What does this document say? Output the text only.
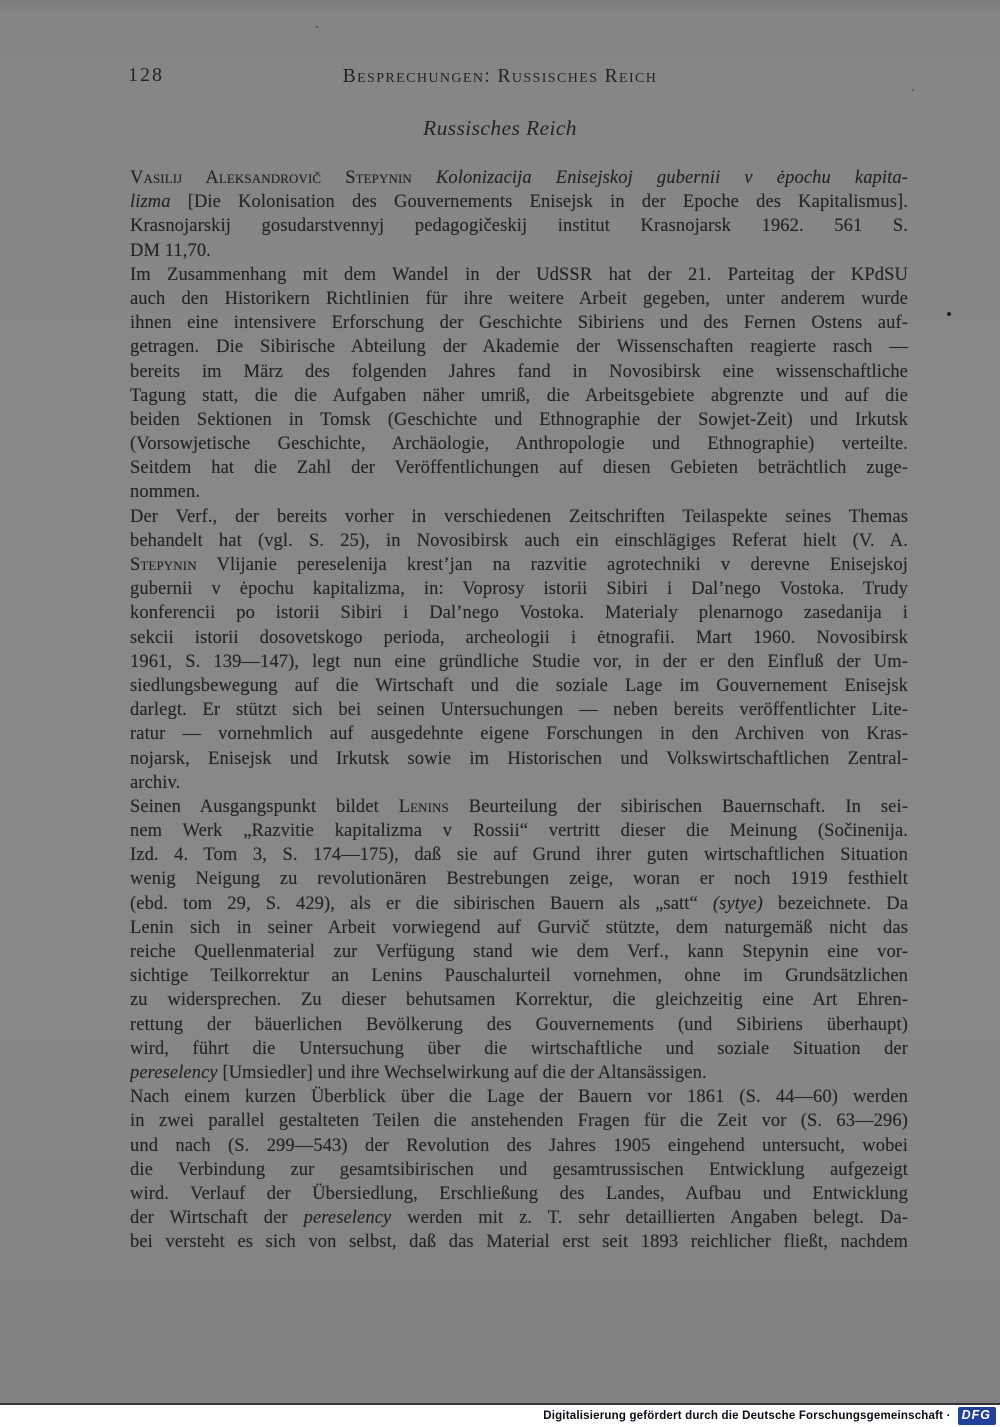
128	Besprechungen: Russisches Reich
Russisches Reich
Vasilij Aleksandrovič Stepynin Kolonizacija Enisejskoj gubernii v ėpochu kapita-
lizma [Die Kolonisation des Gouvernements Enisejsk in der Epoche des Kapitalismus].
Krasnojarskij gosudarstvennyj pedagogičeskij institut Krasnojarsk 1962. 561 S.
DM 11,70.
Im Zusammenhang mit dem Wandel in der UdSSR hat der 21. Parteitag der KPdSU
auch den Historikern Richtlinien für ihre weitere Arbeit gegeben, unter anderem wurde
ihnen eine intensivere Erforschung der Geschichte Sibiriens und des Fernen Ostens auf-
getragen. Die Sibirische Abteilung der Akademie der Wissenschaften reagierte rasch —
bereits im März des folgenden Jahres fand in Novosibirsk eine wissenschaftliche
Tagung statt, die die Aufgaben näher umriß, die Arbeitsgebiete abgrenzte und auf die
beiden Sektionen in Tomsk (Geschichte und Ethnographie der Sowjet-Zeit) und Irkutsk
(Vorsowjetische Geschichte, Archäologie, Anthropologie und Ethnographie) verteilte.
Seitdem hat die Zahl der Veröffentlichungen auf diesen Gebieten beträchtlich zuge-
nommen.
Der Verf., der bereits vorher in verschiedenen Zeitschriften Teilaspekte seines Themas
behandelt hat (vgl. S. 25), in Novosibirsk auch ein einschlägiges Referat hielt (V. A.
Stepynin Vlijanie pereselenija krest’jan na razvitie agrotechniki v derevne Enisejskoj
gubernii v ėpochu kapitalizma, in: Voprosy istorii Sibiri i Dal’nego Vostoka. Trudy
konferencii po istorii Sibiri i Dal’nego Vostoka. Materialy plenarnogo zasedanija i
sekcii istorii dosovetskogo perioda, archeologii i ėtnografii. Mart 1960. Novosibirsk
1961, S. 139—147), legt nun eine gründliche Studie vor, in der er den Einfluß der Um-
siedlungsbewegung auf die Wirtschaft und die soziale Lage im Gouvernement Enisejsk
darlegt. Er stützt sich bei seinen Untersuchungen — neben bereits veröffentlichter Lite-
ratur — vornehmlich auf ausgedehnte eigene Forschungen in den Archiven von Kras-
nojarsk, Enisejsk und Irkutsk sowie im Historischen und Volkswirtschaftlichen Zentral-
archiv.
Seinen Ausgangspunkt bildet Lenins Beurteilung der sibirischen Bauernschaft. In sei-
nem Werk „Razvitie kapitalizma v Rossii“ vertritt dieser die Meinung (Sočinenija.
Izd. 4. Tom 3, S. 174—175), daß sie auf Grund ihrer guten wirtschaftlichen Situation
wenig Neigung zu revolutionären Bestrebungen zeige, woran er noch 1919 festhielt
(ebd. tom 29, S. 429), als er die sibirischen Bauern als „satt“ (sytye) bezeichnete. Da
Lenin sich in seiner Arbeit vorwiegend auf Gurvič stützte, dem naturgemäß nicht das
reiche Quellenmaterial zur Verfügung stand wie dem Verf., kann Stepynin eine vor-
sichtige Teilkorrektur an Lenins Pauschalurteil vornehmen, ohne im Grundsätzlichen
zu widersprechen. Zu dieser behutsamen Korrektur, die gleichzeitig eine Art Ehren-
rettung der bäuerlichen Bevölkerung des Gouvernements (und Sibiriens überhaupt)
wird, führt die Untersuchung über die wirtschaftliche und soziale Situation der
pereselency [Umsiedler] und ihre Wechselwirkung auf die der Altansässigen.
Nach einem kurzen Überblick über die Lage der Bauern vor 1861 (S. 44—60) werden
in zwei parallel gestalteten Teilen die anstehenden Fragen für die Zeit vor (S. 63—296)
und nach (S. 299—543) der Revolution des Jahres 1905 eingehend untersucht, wobei
die Verbindung zur gesamtsibirischen und gesamtrussischen Entwicklung aufgezeigt
wird. Verlauf der Übersiedlung, Erschließung des Landes, Aufbau und Entwicklung
der Wirtschaft der pereselency werden mit z. T. sehr detaillierten Angaben belegt. Da-
bei versteht es sich von selbst, daß das Material erst seit 1893 reichlicher fließt, nachdem
Digitalisierung gefördert durch die Deutsche Forschungsgemeinschaft · DFG
